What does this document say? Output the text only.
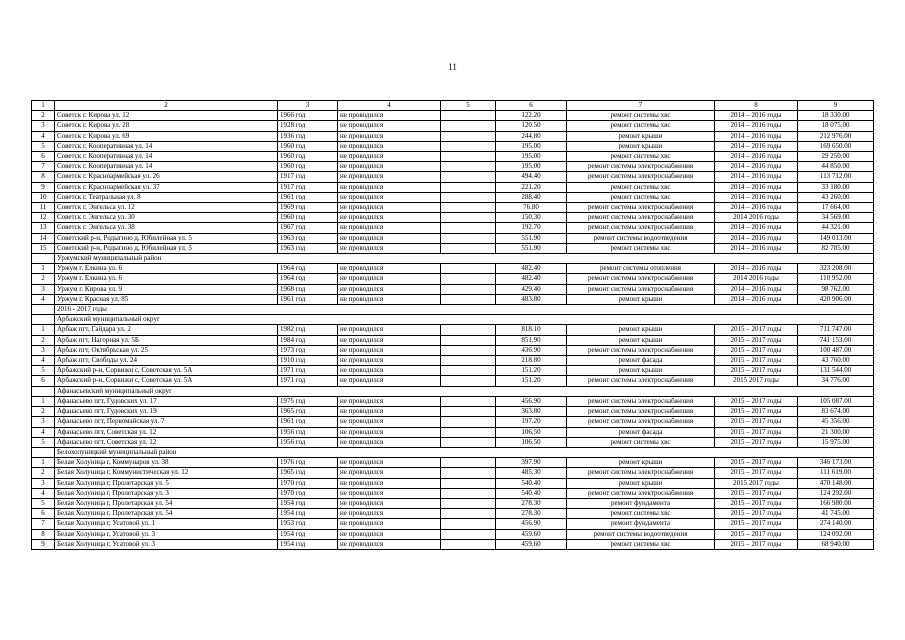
11
1	2	3	4	5	6	7	8	9
2	Советск г. Кирова ул. 12	1966 год	не проводился		122.20	ремонт системы хвс	2014 – 2016 годы	18 330.00
3	Советск г. Кирова ул. 28	1928 год	не проводился		120.50	ремонт системы хвс	2014 – 2016 годы	18 075.00
4	Советск г. Кирова ул. 69	1936 год	не проводился		244.80	ремонт крыши	2014 – 2016 годы	212 976.00
5	Советск г. Кооперативная ул. 14	1960 год	не проводился		195.00	ремонт крыши	2014 – 2016 годы	169 650.00
6	Советск г. Кооперативная ул. 14	1960 год	не проводился		195.00	ремонт системы хвс	2014 – 2016 годы	29 250.00
7	Советск г. Кооперативная ул. 14	1960 год	не проводился		195.00	ремонт системы электроснабжения	2014 – 2016 годы	44 850.00
8	Советск г. Красноармейская ул. 26	1917 год	не проводился		494.40	ремонт системы электроснабжения	2014 – 2016 годы	113 712.00
9	Советск г. Красноармейская ул. 37	1917 год	не проводился		221.20	ремонт системы хвс	2014 – 2016 годы	33 180.00
10	Советск г. Театральная ул. 8	1961 год	не проводился		288.40	ремонт системы хвс	2014 – 2016 годы	43 260.00
11	Советск г. Энгельса ул. 12	1969 год	не проводился		76.80	ремонт системы электроснабжения	2014 – 2016 годы	17 664.00
12	Советск г. Энгельса ул. 30	1960 год	не проводился		150.30	ремонт системы электроснабжения	2014 2016 годы	34 569.00
13	Советск г. Энгельса ул. 38	1967 год	не проводился		192.70	ремонт системы электроснабжения	2014 – 2016 годы	44 321.00
14	Советский р-н, Родыгино д, Юбилейная ул. 5	1963 год	не проводился		551.90	ремонт системы водоотведения	2014 – 2016 годы	149 013.00
15	Советский р-н, Родыгино д, Юбилейная ул. 5	1963 год	не проводился		551.90	ремонт системы хвс	2014 – 2016 годы	82 785.00
	Уржумский муниципальный район							
1	Уржум г. Елкина ул. 6	1964 год	не проводился		482.40	ремонт системы отопления	2014 – 2016 годы	323 208.00
2	Уржум г. Елкина ул. 6	1964 год	не проводился		482.40	ремонт системы электроснабжения	2014 2016 годы	110 952.00
3	Уржум г. Кирова ул. 9	1968 год	не проводился		429.40	ремонт системы электроснабжения	2014 – 2016 годы	98 762.00
4	Уржум г. Красная ул. 85	1961 год	не проводился		483.80	ремонт крыши	2014 – 2016 годы	420 906.00
	2016 - 2017 годы							
	Арбажский муниципальный округ							
1	Арбаж пгт, Гайдара ул. 2	1982 год	не проводился		818.10	ремонт крыши	2015 – 2017 годы	711 747.00
2	Арбаж пгт, Нагорная ул. 5Б	1984 год	не проводился		851.90	ремонт крыши	2015 – 2017 годы	741 153.00
3	Арбаж пгт, Октябрьская ул. 25	1973 год	не проводился		436.90	ремонт системы электроснабжения	2015 – 2017 годы	100 487.00
4	Арбаж пгт, Свободы ул. 24	1910 год	не проводился		218.80	ремонт фасада	2015 – 2017 годы	43 760.00
5	Арбажский р-н, Сорвижи с, Советская ул. 5А	1971 год	не проводился		151.20	ремонт крыши	2015 – 2017 годы	131 544.00
6	Арбажский р-н, Сорвижи с, Советская ул. 5А	1971 год	не проводился		151.20	ремонт системы электроснабжения	2015 2017 годы	34 776.00
	Афанасьевский муниципальный округ							
1	Афанасьево пгт, Гудовских ул. 17	1975 год	не проводился		456.90	ремонт системы электроснабжения	2015 – 2017 годы	105 087.00
2	Афанасьево пгт, Гудовских ул. 19	1965 год	не проводился		363.80	ремонт системы электроснабжения	2015 – 2017 годы	83 674.00
3	Афанасьево пгт, Первомайская ул. 7	1961 год	не проводился		197.20	ремонт системы электроснабжения	2015 – 2017 годы	45 356.00
4	Афанасьево пгт, Советская ул. 12	1956 год	не проводился		106.50	ремонт фасада	2015 – 2017 годы	21 300.00
5	Афанасьево пгт, Советская ул. 12	1956 год	не проводился		106.50	ремонт системы хвс	2015 – 2017 годы	15 975.00
	Белохолуницкий муниципальный район							
1	Белая Холуница г, Коммунаров ул. 38	1976 год	не проводился		397.90	ремонт крыши	2015 – 2017 годы	346 173.00
2	Белая Холуница г, Коммунистическая ул. 12	1965 год	не проводился		485.30	ремонт системы электроснабжения	2015 – 2017 годы	111 619.00
3	Белая Холуница г, Пролетарская ул. 5	1970 год	не проводился		540.40	ремонт крыши	2015 2017 годы	470 148.00
4	Белая Холуница г, Пролетарская ул. 3	1970 год	не проводился		540.40	ремонт системы электроснабжения	2015 – 2017 годы	124 292.00
5	Белая Холуница г, Пролетарская ул. 54	1954 год	не проводился		278.30	ремонт фундамента	2015 – 2017 годы	166 980.00
6	Белая Холуница г, Пролетарская ул. 54	1954 год	не проводился		278.30	ремонт системы хвс	2015 – 2017 годы	41 745.00
7	Белая Холуница г, Усатовой ул. 1	1953 год	не проводился		456.90	ремонт фундамента	2015 – 2017 годы	274 140.00
8	Белая Холуница г, Усатовой ул. 3	1954 год	не проводился		459.60	ремонт системы водоотведения	2015 – 2017 годы	124 092.00
9	Белая Холуница г, Усатовой ул. 3	1954 год	не проводился		459.60	ремонт системы хвс	2015 – 2017 годы	68 940.00
